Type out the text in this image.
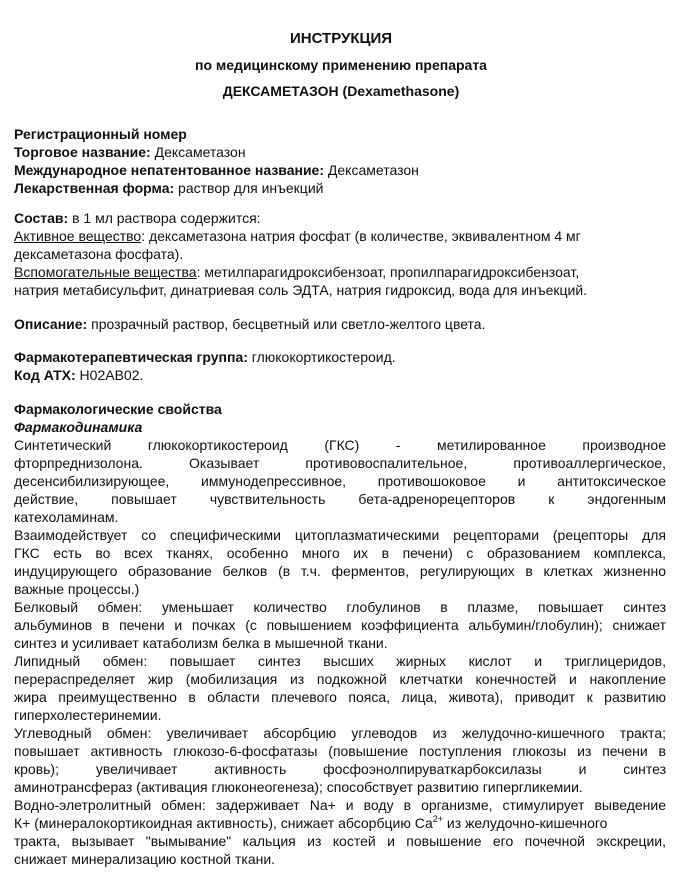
ИНСТРУКЦИЯ
по медицинскому применению препарата
ДЕКСАМЕТАЗОН (Dexamethasone)
Регистрационный номер
Торговое название: Дексаметазон
Международное непатентованное название: Дексаметазон
Лекарственная форма: раствор для инъекций
Состав: в 1 мл раствора содержится:
Активное вещество: дексаметазона натрия фосфат (в количестве, эквивалентном 4 мг
дексаметазона фосфата).
Вспомогательные вещества: метилпарагидроксибензоат, пропилпарагидроксибензоат,
натрия метабисульфит, динатриевая соль ЭДТА, натрия гидроксид, вода для инъекций.
Описание: прозрачный раствор, бесцветный или светло-желтого цвета.
Фармакотерапевтическая группа: глюкокортикостероид.
Код АТХ: H02AB02.
Фармакологические свойства
Фармакодинамика
Синтетический глюкокортикостероид (ГКС) - метилированное производное
фторпреднизолона. Оказывает противовоспалительное, противоаллергическое,
десенсибилизирующее, иммунодепрессивное, противошоковое и антитоксическое
действие, повышает чувствительность бета-адренорецепторов к эндогенным
катехоламинам.
Взаимодействует со специфическими цитоплазматическими рецепторами (рецепторы для
ГКС есть во всех тканях, особенно много их в печени) с образованием комплекса,
индуцирующего образование белков (в т.ч. ферментов, регулирующих в клетках жизненно
важные процессы.)
Белковый обмен: уменьшает количество глобулинов в плазме, повышает синтез
альбуминов в печени и почках (с повышением коэффициента альбумин/глобулин); снижает
синтез и усиливает катаболизм белка в мышечной ткани.
Липидный обмен: повышает синтез высших жирных кислот и триглицеридов,
перераспределяет жир (мобилизация из подкожной клетчатки конечностей и накопление
жира преимущественно в области плечевого пояса, лица, живота), приводит к развитию
гиперхолестеринемии.
Углеводный обмен: увеличивает абсорбцию углеводов из желудочно-кишечного тракта;
повышает активность глюкозо-6-фосфатазы (повышение поступления глюкозы из печени в
кровь); увеличивает активность фосфоэнолпируваткарбоксилазы и синтез
аминотрансфераз (активация глюконеогенеза); способствует развитию гипергликемии.
Водно-элетролитный обмен: задерживает Na+ и воду в организме, стимулирует выведение
К+ (минералокортикоидная активность), снижает абсорбцию $Са^{2+}$ из желудочно-кишечного
тракта, вызывает "вымывание" кальция из костей и повышение его почечной экскреции,
снижает минерализацию костной ткани.
